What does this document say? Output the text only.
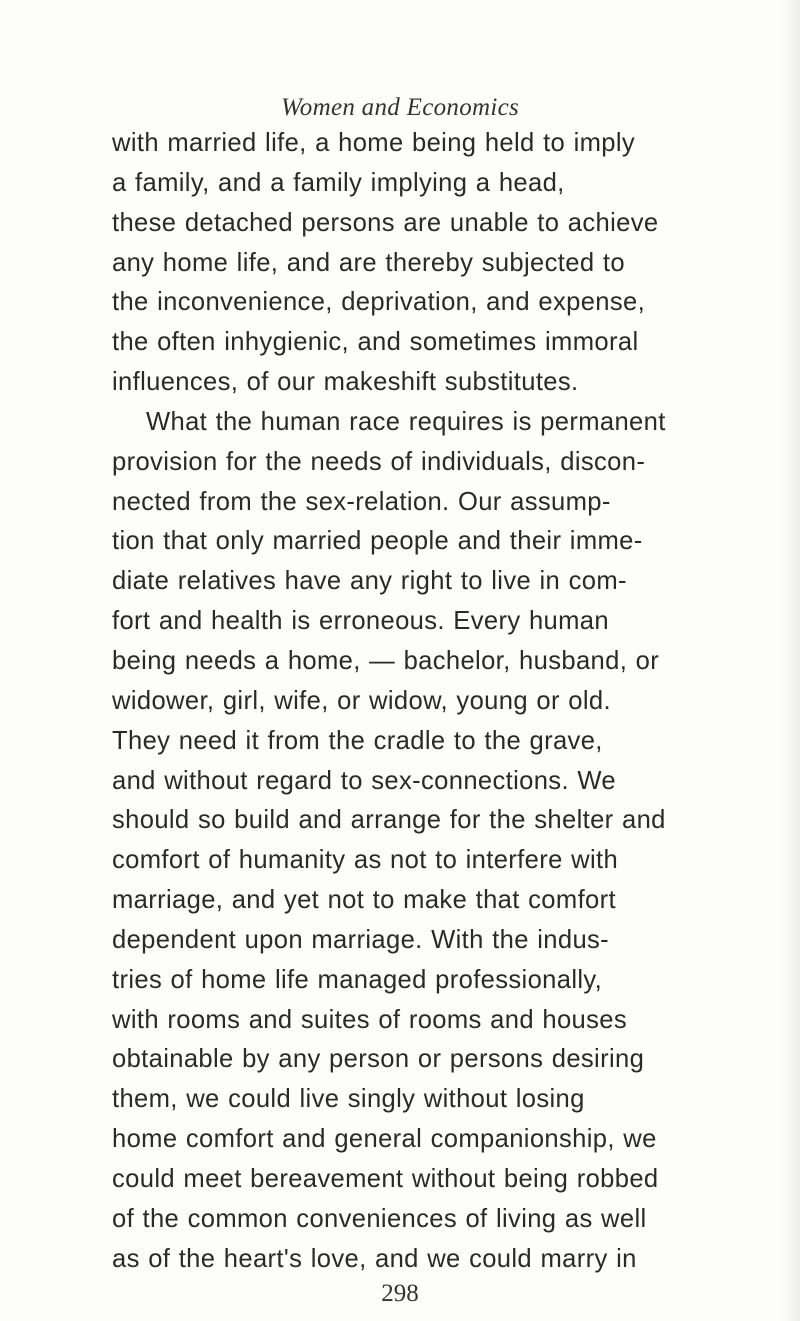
Women and Economics
with married life, a home being held to imply
a family, and a family implying a head,
these detached persons are unable to achieve
any home life, and are thereby subjected to
the inconvenience, deprivation, and expense,
the often inhygienic, and sometimes immoral
influences, of our makeshift substitutes.
What the human race requires is permanent
provision for the needs of individuals, discon-
nected from the sex-relation. Our assump-
tion that only married people and their imme-
diate relatives have any right to live in com-
fort and health is erroneous. Every human
being needs a home, — bachelor, husband, or
widower, girl, wife, or widow, young or old.
They need it from the cradle to the grave,
and without regard to sex-connections. We
should so build and arrange for the shelter and
comfort of humanity as not to interfere with
marriage, and yet not to make that comfort
dependent upon marriage. With the indus-
tries of home life managed professionally,
with rooms and suites of rooms and houses
obtainable by any person or persons desiring
them, we could live singly without losing
home comfort and general companionship, we
could meet bereavement without being robbed
of the common conveniences of living as well
as of the heart's love, and we could marry in
298
